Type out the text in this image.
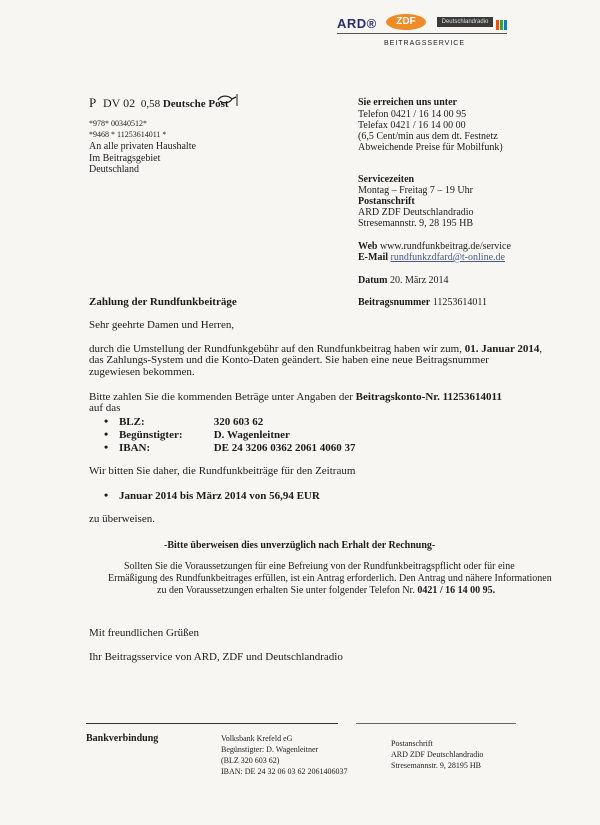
ARD®	ZDF	Deutschlandradio
BEITRAGSSERVICE
P DV 02 0,58 Deutsche Post
*978* 00340512*
*9468 * 11253614011 *
An alle privaten Haushalte
Im Beitragsgebiet
Deutschland
Sie erreichen uns unter
Telefon 0421 / 16 14 00 95
Telefax 0421 / 16 14 00 00
(6,5 Cent/min aus dem dt. Festnetz
Abweichende Preise für Mobilfunk)
Servicezeiten
Montag – Freitag 7 – 19 Uhr
Postanschrift
ARD ZDF Deutschlandradio
Stresemannstr. 9, 28 195 HB
Web www.rundfunkbeitrag.de/service
E-Mail rundfunkzdfard@t-online.de
Datum 20. März 2014
Beitragsnummer 11253614011
Zahlung der Rundfunkbeiträge
Sehr geehrte Damen und Herren,
durch die Umstellung der Rundfunkgebühr auf den Rundfunkbeitrag haben wir zum, 01. Januar 2014,
das Zahlungs-System und die Konto-Daten geändert. Sie haben eine neue Beitragsnummer
zugewiesen bekommen.
Bitte zahlen Sie die kommenden Beträge unter Angaben der Beitragskonto-Nr. 11253614011
auf das
• BLZ:	320 603 62
• Begünstigter:	D. Wagenleitner
• IBAN:	DE 24 3206 0362 2061 4060 37
Wir bitten Sie daher, die Rundfunkbeiträge für den Zeitraum
• Januar 2014 bis März 2014 von 56,94 EUR
zu überweisen.
-Bitte überweisen dies unverzüglich nach Erhalt der Rechnung-
Sollten Sie die Voraussetzungen für eine Befreiung von der Rundfunkbeitragspflicht oder für eine
Ermäßigung des Rundfunkbeitrages erfüllen, ist ein Antrag erforderlich. Den Antrag und nähere Informationen
zu den Voraussetzungen erhalten Sie unter folgender Telefon Nr. 0421 / 16 14 00 95.
Mit freundlichen Grüßen
Ihr Beitragsservice von ARD, ZDF und Deutschlandradio
Bankverbindung	Volksbank Krefeld eG
Begünstigter: D. Wagenleitner
(BLZ 320 603 62)
IBAN: DE 24 32 06 03 62 2061406037
Postanschrift
ARD ZDF Deutschlandradio
Stresemannstr. 9, 28195 HB
